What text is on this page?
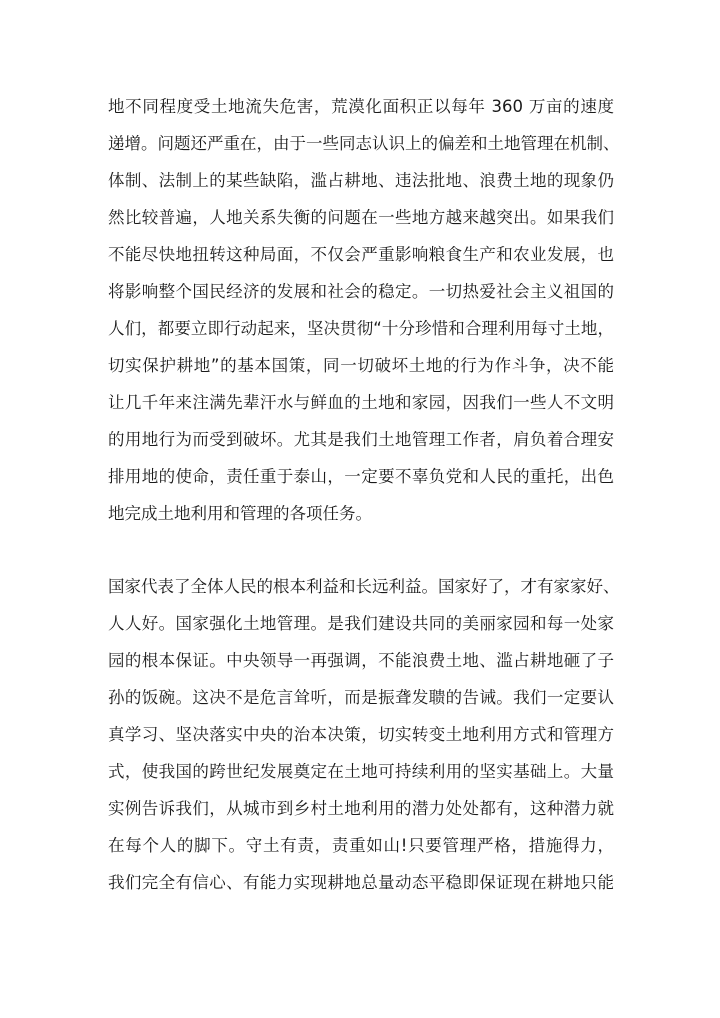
地不同程度受土地流失危害，荒漠化面积正以每年 360 万亩的速度
递增。问题还严重在，由于一些同志认识上的偏差和土地管理在机制、
体制、法制上的某些缺陷，滥占耕地、违法批地、浪费土地的现象仍
然比较普遍，人地关系失衡的问题在一些地方越来越突出。如果我们
不能尽快地扭转这种局面，不仅会严重影响粮食生产和农业发展，也
将影响整个国民经济的发展和社会的稳定。一切热爱社会主义祖国的
人们，都要立即行动起来，坚决贯彻“十分珍惜和合理利用每寸土地，
切实保护耕地”的基本国策，同一切破坏土地的行为作斗争，决不能
让几千年来注满先辈汗水与鲜血的土地和家园，因我们一些人不文明
的用地行为而受到破坏。尤其是我们土地管理工作者，肩负着合理安
排用地的使命，责任重于泰山，一定要不辜负党和人民的重托，出色
地完成土地利用和管理的各项任务。
国家代表了全体人民的根本利益和长远利益。国家好了，才有家家好、
人人好。国家强化土地管理。是我们建设共同的美丽家园和每一处家
园的根本保证。中央领导一再强调，不能浪费土地、滥占耕地砸了子
孙的饭碗。这决不是危言耸听，而是振聋发聩的告诫。我们一定要认
真学习、坚决落实中央的治本决策，切实转变土地利用方式和管理方
式，使我国的跨世纪发展奠定在土地可持续利用的坚实基础上。大量
实例告诉我们，从城市到乡村土地利用的潜力处处都有，这种潜力就
在每个人的脚下。守土有责，责重如山!只要管理严格，措施得力，
我们完全有信心、有能力实现耕地总量动态平稳即保证现在耕地只能
